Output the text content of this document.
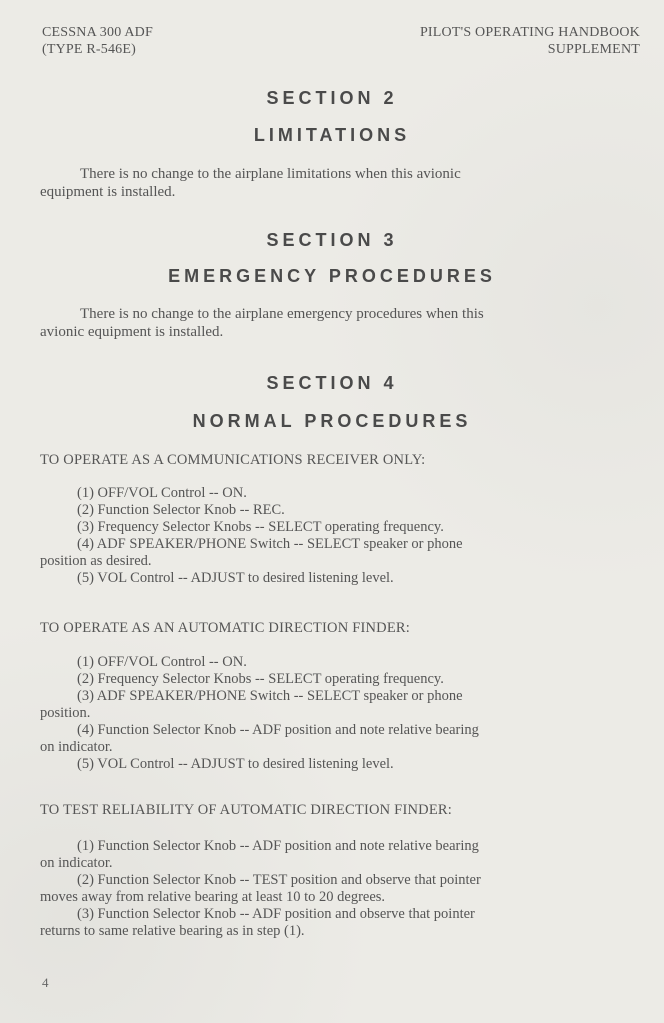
CESSNA 300 ADF
(TYPE R-546E)
PILOT'S OPERATING HANDBOOK
SUPPLEMENT
SECTION 2
LIMITATIONS
There is no change to the airplane limitations when this avionic
equipment is installed.
SECTION 3
EMERGENCY PROCEDURES
There is no change to the airplane emergency procedures when this
avionic equipment is installed.
SECTION 4
NORMAL PROCEDURES
TO OPERATE AS A COMMUNICATIONS RECEIVER ONLY:
(1) OFF/VOL Control -- ON.
(2) Function Selector Knob -- REC.
(3) Frequency Selector Knobs -- SELECT operating frequency.
(4) ADF SPEAKER/PHONE Switch -- SELECT speaker or phone
position as desired.
(5) VOL Control -- ADJUST to desired listening level.
TO OPERATE AS AN AUTOMATIC DIRECTION FINDER:
(1) OFF/VOL Control -- ON.
(2) Frequency Selector Knobs -- SELECT operating frequency.
(3) ADF SPEAKER/PHONE Switch -- SELECT speaker or phone
position.
(4) Function Selector Knob -- ADF position and note relative bearing
on indicator.
(5) VOL Control -- ADJUST to desired listening level.
TO TEST RELIABILITY OF AUTOMATIC DIRECTION FINDER:
(1) Function Selector Knob -- ADF position and note relative bearing
on indicator.
(2) Function Selector Knob -- TEST position and observe that pointer
moves away from relative bearing at least 10 to 20 degrees.
(3) Function Selector Knob -- ADF position and observe that pointer
returns to same relative bearing as in step (1).
4
